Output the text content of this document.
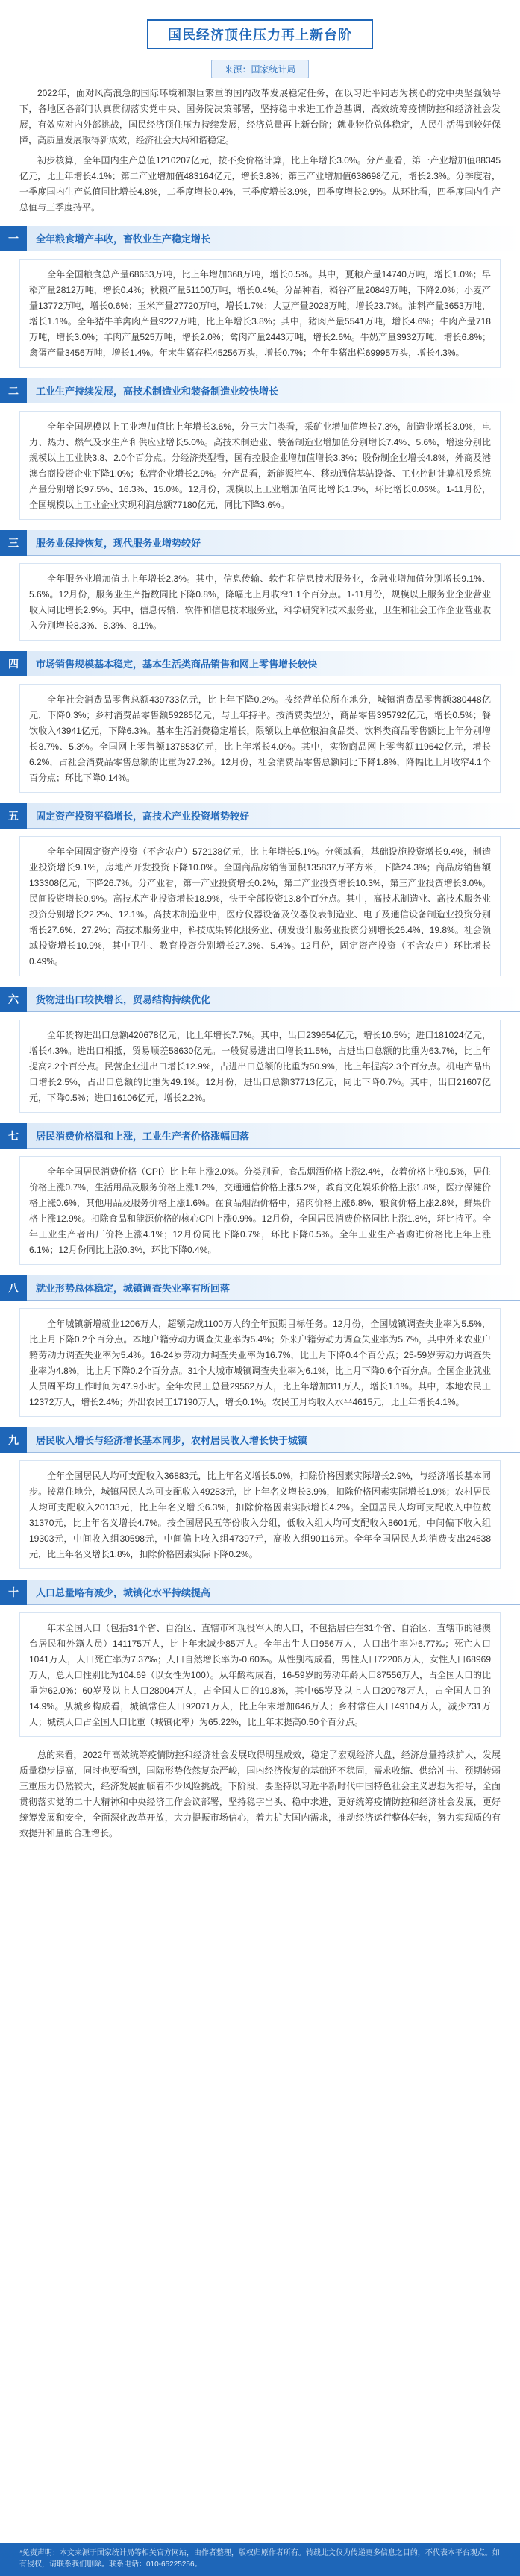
国民经济顶住压力再上新台阶
来源：国家统计局

2022年，面对风高浪急的国际环境和艰巨繁重的国内改革发展稳定任务，在以习近平同志为核心的党中央坚强领导下，各地区各部门认真贯彻落实党中央、国务院决策部署，坚持稳中求进工作总基调，高效统筹疫情防控和经济社会发展，有效应对内外部挑战，国民经济顶住压力持续发展，经济总量再上新台阶；就业物价总体稳定，人民生活得到较好保障，高质量发展取得新成效，经济社会大局和谐稳定。

初步核算，全年国内生产总值1210207亿元，按不变价格计算，比上年增长3.0%。分产业看，第一产业增加值88345亿元，比上年增长4.1%；第二产业增加值483164亿元，增长3.8%；第三产业增加值638698亿元，增长2.3%。分季度看，一季度国内生产总值同比增长4.8%，二季度增长0.4%，三季度增长3.9%，四季度增长2.9%。从环比看，四季度国内生产总值与三季度持平。

一	全年粮食增产丰收，畜牧业生产稳定增长

全年全国粮食总产量68653万吨，比上年增加368万吨，增长0.5%。其中，夏粮产量14740万吨，增长1.0%；早稻产量2812万吨，增长0.4%；秋粮产量51100万吨，增长0.4%。分品种看，稻谷产量20849万吨，下降2.0%；小麦产量13772万吨，增长0.6%；玉米产量27720万吨，增长1.7%；大豆产量2028万吨，增长23.7%。油料产量3653万吨，增长1.1%。全年猪牛羊禽肉产量9227万吨，比上年增长3.8%；其中，猪肉产量5541万吨，增长4.6%；牛肉产量718万吨，增长3.0%；羊肉产量525万吨，增长2.0%；禽肉产量2443万吨，增长2.6%。牛奶产量3932万吨，增长6.8%；禽蛋产量3456万吨，增长1.4%。年末生猪存栏45256万头，增长0.7%；全年生猪出栏69995万头，增长4.3%。

二	工业生产持续发展，高技术制造业和装备制造业较快增长

全年全国规模以上工业增加值比上年增长3.6%，分三大门类看，采矿业增加值增长7.3%，制造业增长3.0%，电力、热力、燃气及水生产和供应业增长5.0%。高技术制造业、装备制造业增加值分别增长7.4%、5.6%，增速分别比规模以上工业快3.8、2.0个百分点。分经济类型看，国有控股企业增加值增长3.3%；股份制企业增长4.8%，外商及港澳台商投资企业下降1.0%；私营企业增长2.9%。分产品看，新能源汽车、移动通信基站设备、工业控制计算机及系统产量分别增长97.5%、16.3%、15.0%。12月份，规模以上工业增加值同比增长1.3%，环比增长0.06%。1-11月份，全国规模以上工业企业实现利润总额77180亿元，同比下降3.6%。

三	服务业保持恢复，现代服务业增势较好

全年服务业增加值比上年增长2.3%。其中，信息传输、软件和信息技术服务业，金融业增加值分别增长9.1%、5.6%。12月份，服务业生产指数同比下降0.8%，降幅比上月收窄1.1个百分点。1-11月份，规模以上服务业企业营业收入同比增长2.9%。其中，信息传输、软件和信息技术服务业，科学研究和技术服务业，卫生和社会工作企业营业收入分别增长8.3%、8.3%、8.1%。

四	市场销售规模基本稳定，基本生活类商品销售和网上零售增长较快

全年社会消费品零售总额439733亿元，比上年下降0.2%。按经营单位所在地分，城镇消费品零售额380448亿元，下降0.3%；乡村消费品零售额59285亿元，与上年持平。按消费类型分，商品零售395792亿元，增长0.5%；餐饮收入43941亿元，下降6.3%。基本生活消费稳定增长，限额以上单位粮油食品类、饮料类商品零售额比上年分别增长8.7%、5.3%。全国网上零售额137853亿元，比上年增长4.0%。其中，实物商品网上零售额119642亿元，增长6.2%，占社会消费品零售总额的比重为27.2%。12月份，社会消费品零售总额同比下降1.8%，降幅比上月收窄4.1个百分点；环比下降0.14%。

五	固定资产投资平稳增长，高技术产业投资增势较好

全年全国固定资产投资（不含农户）572138亿元，比上年增长5.1%。分领域看，基础设施投资增长9.4%，制造业投资增长9.1%，房地产开发投资下降10.0%。全国商品房销售面积135837万平方米，下降24.3%；商品房销售额133308亿元，下降26.7%。分产业看，第一产业投资增长0.2%，第二产业投资增长10.3%，第三产业投资增长3.0%。民间投资增长0.9%。高技术产业投资增长18.9%，快于全部投资13.8个百分点。其中，高技术制造业、高技术服务业投资分别增长22.2%、12.1%。高技术制造业中，医疗仪器设备及仪器仪表制造业、电子及通信设备制造业投资分别增长27.6%、27.2%；高技术服务业中，科技成果转化服务业、研发设计服务业投资分别增长26.4%、19.8%。社会领域投资增长10.9%，其中卫生、教育投资分别增长27.3%、5.4%。12月份，固定资产投资（不含农户）环比增长0.49%。

六	货物进出口较快增长，贸易结构持续优化

全年货物进出口总额420678亿元，比上年增长7.7%。其中，出口239654亿元，增长10.5%；进口181024亿元，增长4.3%。进出口相抵，贸易顺差58630亿元。一般贸易进出口增长11.5%，占进出口总额的比重为63.7%，比上年提高2.2个百分点。民营企业进出口增长12.9%，占进出口总额的比重为50.9%，比上年提高2.3个百分点。机电产品出口增长2.5%，占出口总额的比重为49.1%。12月份，进出口总额37713亿元，同比下降0.7%。其中，出口21607亿元，下降0.5%；进口16106亿元，增长2.2%。

七	居民消费价格温和上涨，工业生产者价格涨幅回落

全年全国居民消费价格（CPI）比上年上涨2.0%。分类别看，食品烟酒价格上涨2.4%，衣着价格上涨0.5%，居住价格上涨0.7%，生活用品及服务价格上涨1.2%，交通通信价格上涨5.2%，教育文化娱乐价格上涨1.8%，医疗保健价格上涨0.6%，其他用品及服务价格上涨1.6%。在食品烟酒价格中，猪肉价格上涨6.8%，粮食价格上涨2.8%，鲜果价格上涨12.9%。扣除食品和能源价格的核心CPI上涨0.9%。12月份，全国居民消费价格同比上涨1.8%，环比持平。全年工业生产者出厂价格上涨4.1%；12月份同比下降0.7%，环比下降0.5%。全年工业生产者购进价格比上年上涨6.1%；12月份同比上涨0.3%，环比下降0.4%。

八	就业形势总体稳定，城镇调查失业率有所回落

全年城镇新增就业1206万人，超额完成1100万人的全年预期目标任务。12月份，全国城镇调查失业率为5.5%，比上月下降0.2个百分点。本地户籍劳动力调查失业率为5.4%；外来户籍劳动力调查失业率为5.7%，其中外来农业户籍劳动力调查失业率为5.4%。16-24岁劳动力调查失业率为16.7%，比上月下降0.4个百分点；25-59岁劳动力调查失业率为4.8%，比上月下降0.2个百分点。31个大城市城镇调查失业率为6.1%，比上月下降0.6个百分点。全国企业就业人员周平均工作时间为47.9小时。全年农民工总量29562万人，比上年增加311万人，增长1.1%。其中，本地农民工12372万人，增长2.4%；外出农民工17190万人，增长0.1%。农民工月均收入水平4615元，比上年增长4.1%。

九	居民收入增长与经济增长基本同步，农村居民收入增长快于城镇

全年全国居民人均可支配收入36883元，比上年名义增长5.0%，扣除价格因素实际增长2.9%，与经济增长基本同步。按常住地分，城镇居民人均可支配收入49283元，比上年名义增长3.9%，扣除价格因素实际增长1.9%；农村居民人均可支配收入20133元，比上年名义增长6.3%，扣除价格因素实际增长4.2%。全国居民人均可支配收入中位数31370元，比上年名义增长4.7%。按全国居民五等份收入分组，低收入组人均可支配收入8601元，中间偏下收入组19303元，中间收入组30598元，中间偏上收入组47397元，高收入组90116元。全年全国居民人均消费支出24538元，比上年名义增长1.8%，扣除价格因素实际下降0.2%。

十	人口总量略有减少，城镇化水平持续提高

年末全国人口（包括31个省、自治区、直辖市和现役军人的人口，不包括居住在31个省、自治区、直辖市的港澳台居民和外籍人员）141175万人，比上年末减少85万人。全年出生人口956万人，人口出生率为6.77‰；死亡人口1041万人，人口死亡率为7.37‰；人口自然增长率为-0.60‰。从性别构成看，男性人口72206万人，女性人口68969万人，总人口性别比为104.69（以女性为100）。从年龄构成看，16-59岁的劳动年龄人口87556万人，占全国人口的比重为62.0%；60岁及以上人口28004万人，占全国人口的19.8%，其中65岁及以上人口20978万人，占全国人口的14.9%。从城乡构成看，城镇常住人口92071万人，比上年末增加646万人；乡村常住人口49104万人，减少731万人；城镇人口占全国人口比重（城镇化率）为65.22%，比上年末提高0.50个百分点。

总的来看，2022年高效统筹疫情防控和经济社会发展取得明显成效，稳定了宏观经济大盘，经济总量持续扩大，发展质量稳步提高，同时也要看到，国际形势依然复杂严峻，国内经济恢复的基础还不稳固，需求收缩、供给冲击、预期转弱三重压力仍然较大，经济发展面临着不少风险挑战。下阶段，要坚持以习近平新时代中国特色社会主义思想为指导，全面贯彻落实党的二十大精神和中央经济工作会议部署，坚持稳字当头、稳中求进，更好统筹疫情防控和经济社会发展，更好统筹发展和安全，全面深化改革开放，大力提振市场信心，着力扩大国内需求，推动经济运行整体好转，努力实现质的有效提升和量的合理增长。

*免责声明：本文来源于国家统计局等相关官方网站，由作者整理，版权归原作者所有。转载此文仅为传递更多信息之目的，不代表本平台观点。如有侵权，请联系我们删除。联系电话：010-65225256。
